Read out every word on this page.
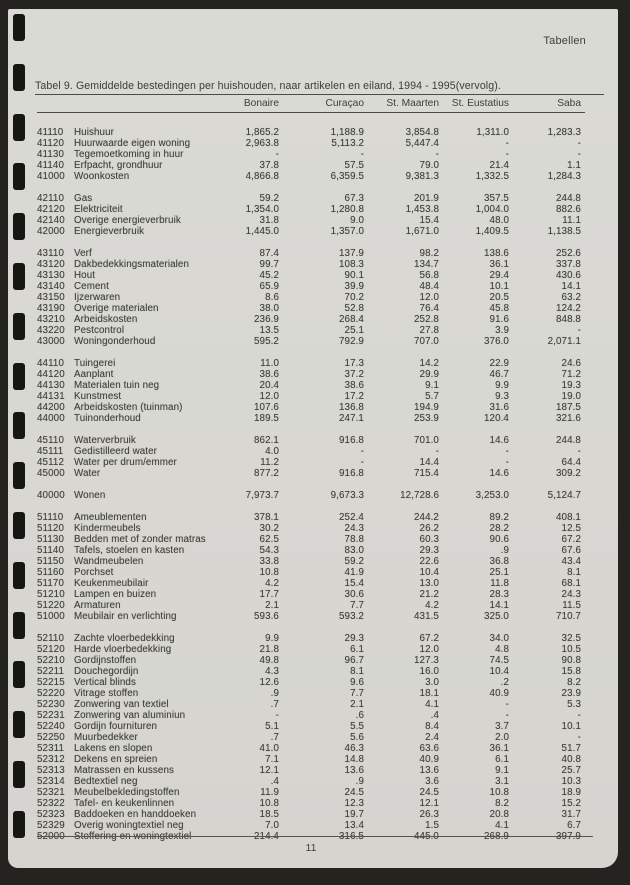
Tabellen
Tabel 9. Gemiddelde bestedingen per huishouden, naar artikelen en eiland, 1994 - 1995(vervolg).
Bonaire	Curaçao	St. Maarten	St. Eustatius	Saba
41110 Huishuur	1,865.2	1,188.9	3,854.8	1,311.0	1,283.3
41120 Huurwaarde eigen woning	2,963.8	5,113.2	5,447.4	-	-
41130 Tegemoetkoming in huur	-	-	-	-	-
41140 Erfpacht, grondhuur	37.8	57.5	79.0	21.4	1.1
41000 Woonkosten	4,866.8	6,359.5	9,381.3	1,332.5	1,284.3
42110 Gas	59.2	67.3	201.9	357.5	244.8
42120 Elektriciteit	1,354.0	1,280.8	1,453.8	1,004.0	882.6
42140 Overige energieverbruik	31.8	9.0	15.4	48.0	11.1
42000 Energieverbruik	1,445.0	1,357.0	1,671.0	1,409.5	1,138.5
43110 Verf	87.4	137.9	98.2	138.6	252.6
43120 Dakbedekkingsmaterialen	99.7	108.3	134.7	36.1	337.8
43130 Hout	45.2	90.1	56.8	29.4	430.6
43140 Cement	65.9	39.9	48.4	10.1	14.1
43150 Ijzerwaren	8.6	70.2	12.0	20.5	63.2
43190 Overige materialen	38.0	52.8	76.4	45.8	124.2
43210 Arbeidskosten	236.9	268.4	252.8	91.6	848.8
43220 Pestcontrol	13.5	25.1	27.8	3.9	-
43000 Woningonderhoud	595.2	792.9	707.0	376.0	2,071.1
44110 Tuingerei	11.0	17.3	14.2	22.9	24.6
44120 Aanplant	38.6	37.2	29.9	46.7	71.2
44130 Materialen tuin neg	20.4	38.6	9.1	9.9	19.3
44131 Kunstmest	12.0	17.2	5.7	9.3	19.0
44200 Arbeidskosten (tuinman)	107.6	136.8	194.9	31.6	187.5
44000 Tuinonderhoud	189.5	247.1	253.9	120.4	321.6
45110 Waterverbruik	862.1	916.8	701.0	14.6	244.8
45111 Gedistilleerd water	4.0	-	-	-	-
45112 Water per drum/emmer	11.2	-	14.4	-	64.4
45000 Water	877.2	916.8	715.4	14.6	309.2
40000 Wonen	7,973.7	9,673.3	12,728.6	3,253.0	5,124.7
51110 Ameublementen	378.1	252.4	244.2	89.2	408.1
51120 Kindermeubels	30.2	24.3	26.2	28.2	12.5
51130 Bedden met of zonder matras	62.5	78.8	60.3	90.6	67.2
51140 Tafels, stoelen en kasten	54.3	83.0	29.3	.9	67.6
51150 Wandmeubelen	33.8	59.2	22.6	36.8	43.4
51160 Porchset	10.8	41.9	10.4	25.1	8.1
51170 Keukenmeubilair	4.2	15.4	13.0	11.8	68.1
51210 Lampen en buizen	17.7	30.6	21.2	28.3	24.3
51220 Armaturen	2.1	7.7	4.2	14.1	11.5
51000 Meubilair en verlichting	593.6	593.2	431.5	325.0	710.7
52110 Zachte vloerbedekking	9.9	29.3	67.2	34.0	32.5
52120 Harde vloerbedekking	21.8	6.1	12.0	4.8	10.5
52210 Gordijnstoffen	49.8	96.7	127.3	74.5	90.8
52211 Douchegordijn	4.3	8.1	16.0	10.4	15.8
52215 Vertical blinds	12.6	9.6	3.0	.2	8.2
52220 Vitrage stoffen	.9	7.7	18.1	40.9	23.9
52230 Zonwering van textiel	.7	2.1	4.1	-	5.3
52231 Zonwering van aluminiun	-	.6	.4	-	-
52240 Gordijn fournituren	5.1	5.5	8.4	3.7	10.1
52250 Muurbedekker	.7	5.6	2.4	2.0	-
52311 Lakens en slopen	41.0	46.3	63.6	36.1	51.7
52312 Dekens en spreien	7.1	14.8	40.9	6.1	40.8
52313 Matrassen en kussens	12.1	13.6	13.6	9.1	25.7
52314 Bedtextiel neg	.4	.9	3.6	3.1	10.3
52321 Meubelbekledingstoffen	11.9	24.5	24.5	10.8	18.9
52322 Tafel- en keukenlinnen	10.8	12.3	12.1	8.2	15.2
52323 Baddoeken en handdoeken	18.5	19.7	26.3	20.8	31.7
52329 Overig woningtextiel neg	7.0	13.4	1.5	4.1	6.7
52000 Stoffering en woningtextiel	214.4	316.5	445.0	268.9	397.9
11
